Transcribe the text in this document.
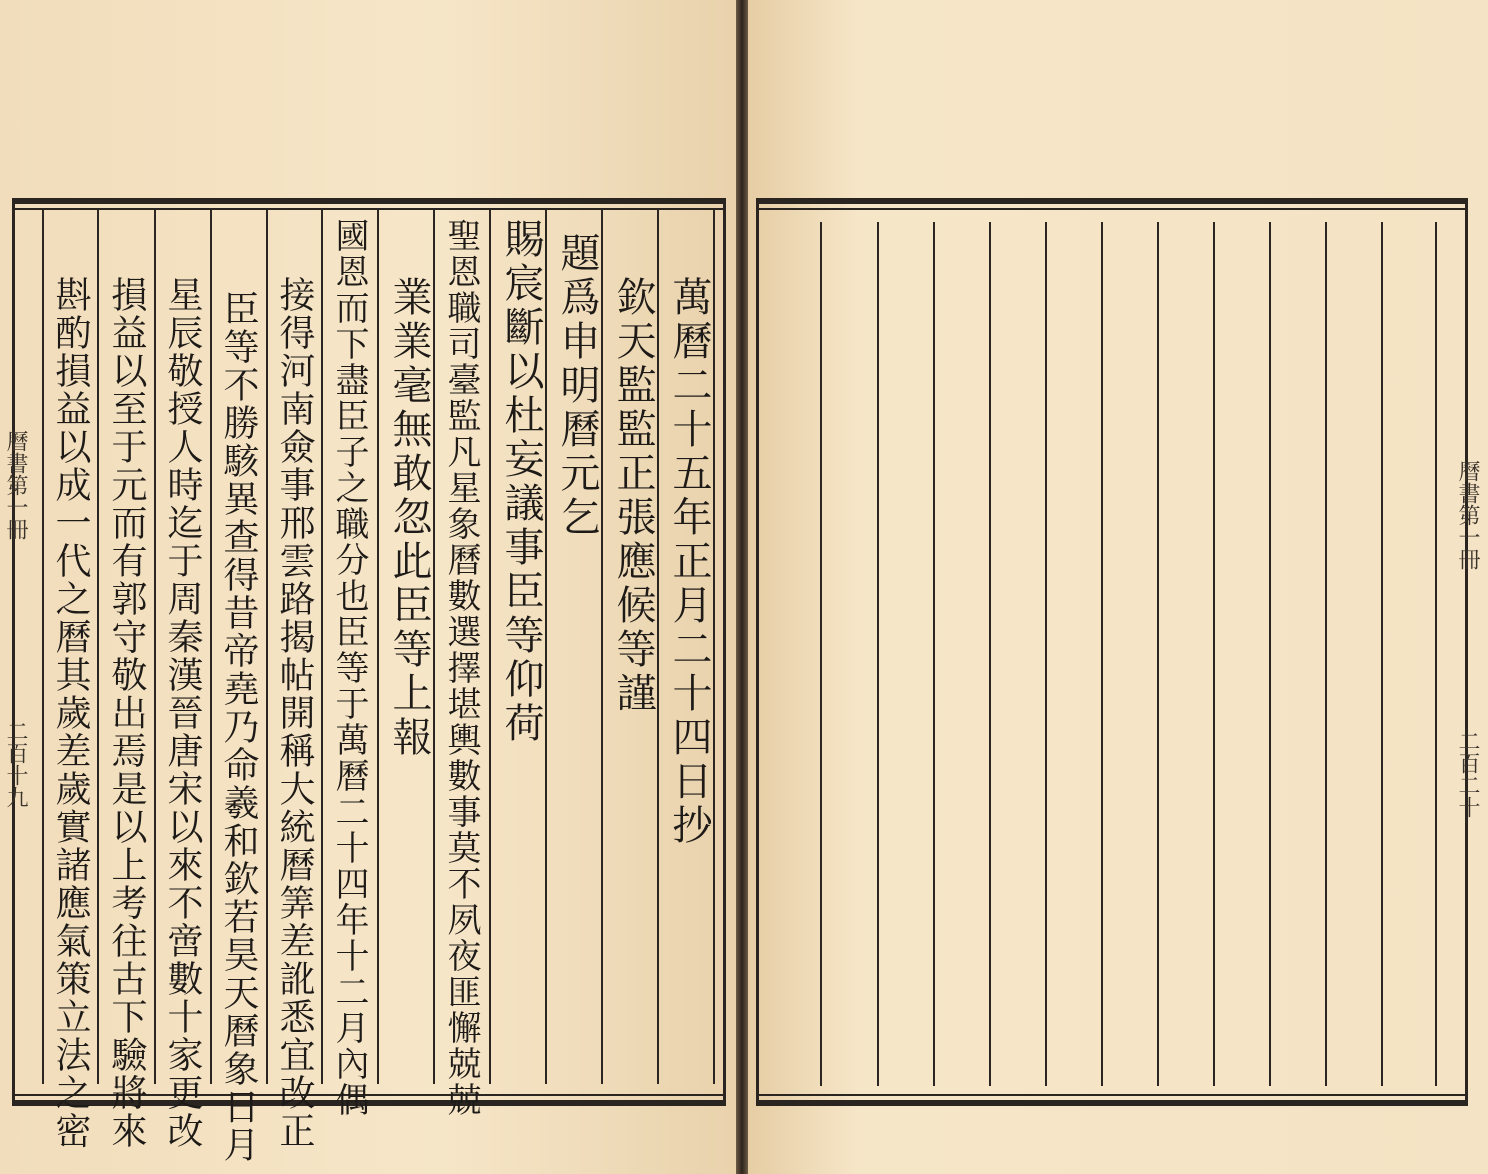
萬曆二十五年正月二十四日抄
欽天監監正張應候等謹
題爲申明曆元乞
賜宸斷以杜妄議事臣等仰荷
聖恩職司臺監凡星象曆數選擇堪輿數事莫不夙夜匪懈兢兢
業業毫無敢忽此臣等上報
國恩而下盡臣子之職分也臣等于萬曆二十四年十二月內偶
接得河南僉事邢雲路揭帖開稱大統曆筭差訛悉宜改正
臣等不勝駭異查得昔帝堯乃命羲和欽若昊天曆象日月
星辰敬授人時迄于周秦漢晉唐宋以來不啻數十家更改
損益以至于元而有郭守敬出焉是以上考往古下驗將來
斟酌損益以成一代之曆其歲差歲實諸應氣策立法之密
曆書第一冊
二百十九
曆書第一冊
二百二十
